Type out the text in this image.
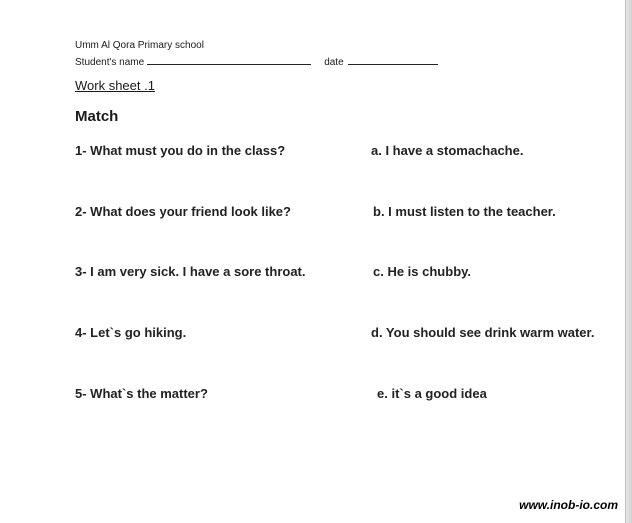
Umm Al Qora Primary school
Student's name	date
Work sheet .1
Match
1- What must you do in the class?
2- What does your friend look like?
3- I am very sick. I have a sore throat.
4- Let`s go hiking.
5- What`s the matter?
a. I have a stomachache.
b. I must listen to the teacher.
c. He is chubby.
d. You should see drink warm water.
e. it`s a good idea
www.inob-io.com
